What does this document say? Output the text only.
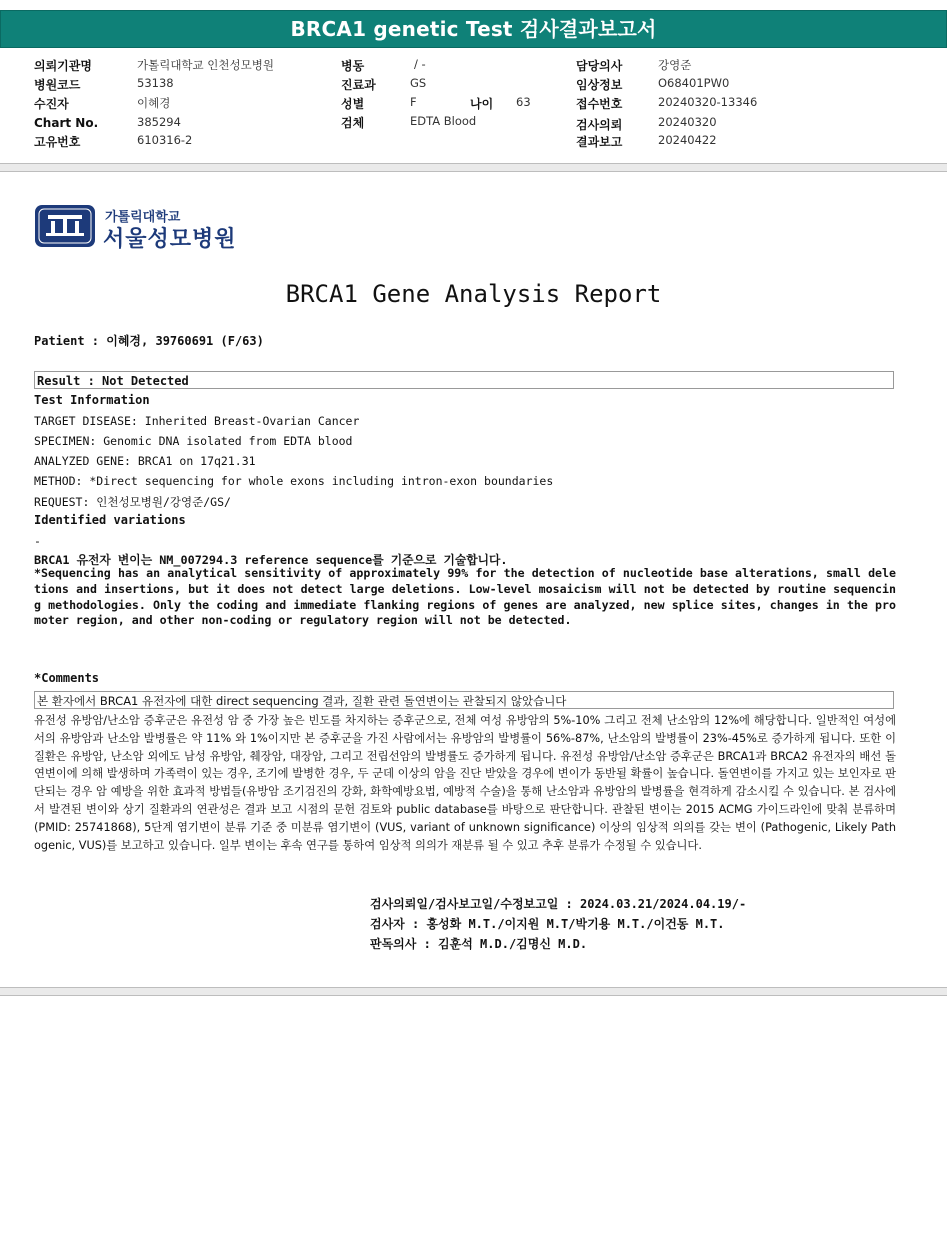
BRCA1 genetic Test 검사결과보고서
의뢰기관명	가톨릭대학교 인천성모병원
병원코드	53138
수진자	이혜경
Chart No.	385294
고유번호	610316-2
병동	/ -
진료과	GS
성별	F	나이 63
검체	EDTA Blood
담당의사	강영준
임상정보	O68401PW0
접수번호	20240320-13346
검사의뢰	20240320
결과보고	20240422
가톨릭대학교
서울성모병원
BRCA1 Gene Analysis Report
Patient : 이혜경, 39760691 (F/63)
Result : Not Detected
Test Information
TARGET DISEASE: Inherited Breast-Ovarian Cancer
SPECIMEN: Genomic DNA isolated from EDTA blood
ANALYZED GENE: BRCA1 on 17q21.31
METHOD: *Direct sequencing for whole exons including intron-exon boundaries
REQUEST: 인천성모병원/강영준/GS/
Identified variations
-
BRCA1 유전자 변이는 NM_007294.3 reference sequence를 기준으로 기술합니다.
*Sequencing has an analytical sensitivity of approximately 99% for the detection of nucleotide base alterations, small deletions and insertions, but it does not detect large deletions. Low-level mosaicism will not be detected by routine sequencing methodologies. Only the coding and immediate flanking regions of genes are analyzed, new splice sites, changes in the promoter region, and other non-coding or regulatory region will not be detected.
*Comments
본 환자에서 BRCA1 유전자에 대한 direct sequencing 결과, 질환 관련 돌연변이는 관찰되지 않았습니다
유전성 유방암/난소암 증후군은 유전성 암 중 가장 높은 빈도를 차지하는 증후군으로, 전체 여성 유방암의 5%-10% 그리고 전체 난소암의 12%에 해당합니다. 일반적인 여성에서의 유방암과 난소암 발병률은 약 11% 와 1%이지만 본 증후군을 가진 사람에서는 유방암의 발병률이 56%-87%, 난소암의 발병률이 23%-45%로 증가하게 됩니다. 또한 이 질환은 유방암, 난소암 외에도 남성 유방암, 췌장암, 대장암, 그리고 전립선암의 발병률도 증가하게 됩니다. 유전성 유방암/난소암 증후군은 BRCA1과 BRCA2 유전자의 배선 돌연변이에 의해 발생하며 가족력이 있는 경우, 조기에 발병한 경우, 두 군데 이상의 암을 진단 받았을 경우에 변이가 동반될 확률이 높습니다. 돌연변이를 가지고 있는 보인자로 판단되는 경우 암 예방을 위한 효과적 방법들(유방암 조기검진의 강화, 화학예방요법, 예방적 수술)을 통해 난소암과 유방암의 발병률을 현격하게 감소시킬 수 있습니다. 본 검사에서 발견된 변이와 상기 질환과의 연관성은 결과 보고 시점의 문헌 검토와 public database를 바탕으로 판단합니다. 관찰된 변이는 2015 ACMG 가이드라인에 맞춰 분류하며 (PMID: 25741868), 5단계 염기변이 분류 기준 중 미분류 염기변이 (VUS, variant of unknown significance) 이상의 임상적 의의를 갖는 변이 (Pathogenic, Likely Pathogenic, VUS)를 보고하고 있습니다. 일부 변이는 후속 연구를 통하여 임상적 의의가 재분류 될 수 있고 추후 분류가 수정될 수 있습니다.
검사의뢰일/검사보고일/수정보고일 : 2024.03.21/2024.04.19/-
검사자 : 홍성화 M.T./이지원 M.T/박기용 M.T./이건동 M.T.
판독의사 : 김훈석 M.D./김명신 M.D.
